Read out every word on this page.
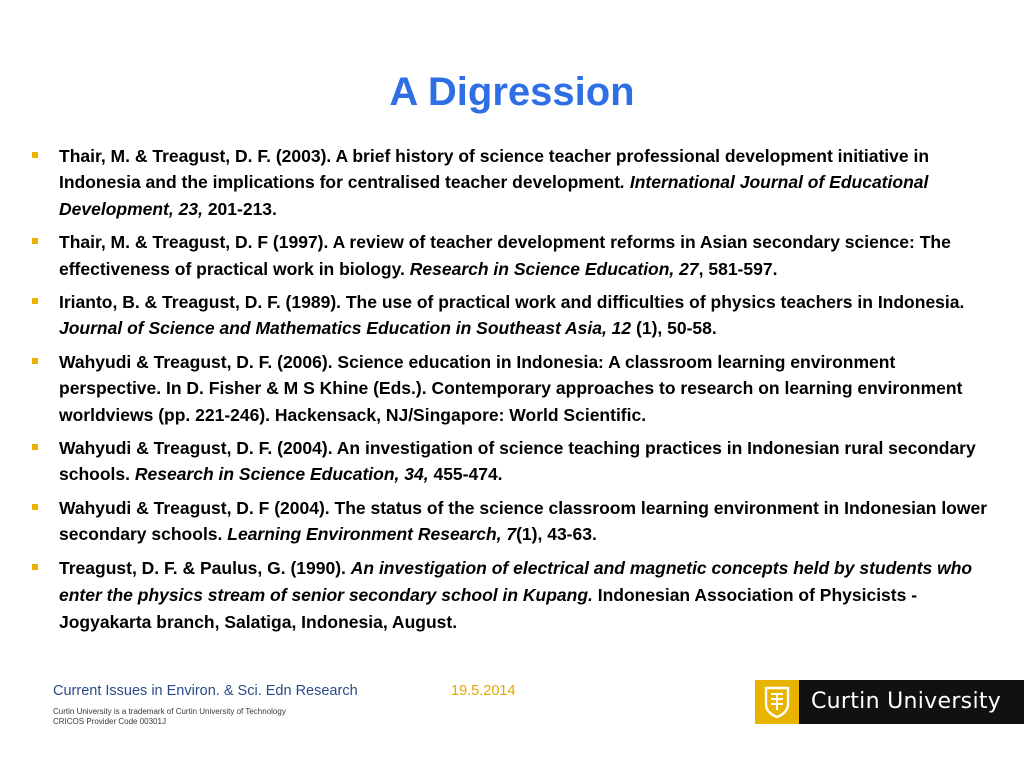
A Digression
Thair, M. & Treagust, D. F. (2003). A brief history of science teacher professional development initiative in Indonesia and the implications for centralised teacher development. International Journal of Educational Development, 23, 201-213.
Thair, M. & Treagust, D. F (1997). A review of teacher development reforms in Asian secondary science: The effectiveness of practical work in biology. Research in Science Education, 27, 581-597.
Irianto, B. & Treagust, D. F. (1989). The use of practical work and difficulties of physics teachers in Indonesia. Journal of Science and Mathematics Education in Southeast Asia, 12 (1), 50-58.
Wahyudi & Treagust, D. F. (2006). Science education in Indonesia: A classroom learning environment perspective. In D. Fisher & M S Khine (Eds.). Contemporary approaches to research on learning environment worldviews (pp. 221-246). Hackensack, NJ/Singapore: World Scientific.
Wahyudi & Treagust, D. F. (2004). An investigation of science teaching practices in Indonesian rural secondary schools. Research in Science Education, 34, 455-474.
Wahyudi & Treagust, D. F (2004). The status of the science classroom learning environment in Indonesian lower secondary schools. Learning Environment Research, 7(1), 43-63.
Treagust, D. F. & Paulus, G. (1990). An investigation of electrical and magnetic concepts held by students who enter the physics stream of senior secondary school in Kupang. Indonesian Association of Physicists - Jogyakarta branch, Salatiga, Indonesia, August.
Current Issues in Environ. & Sci. Edn Research	19.5.2014
Curtin University is a trademark of Curtin University of Technology
CRICOS Provider Code 00301J
Curtin University
